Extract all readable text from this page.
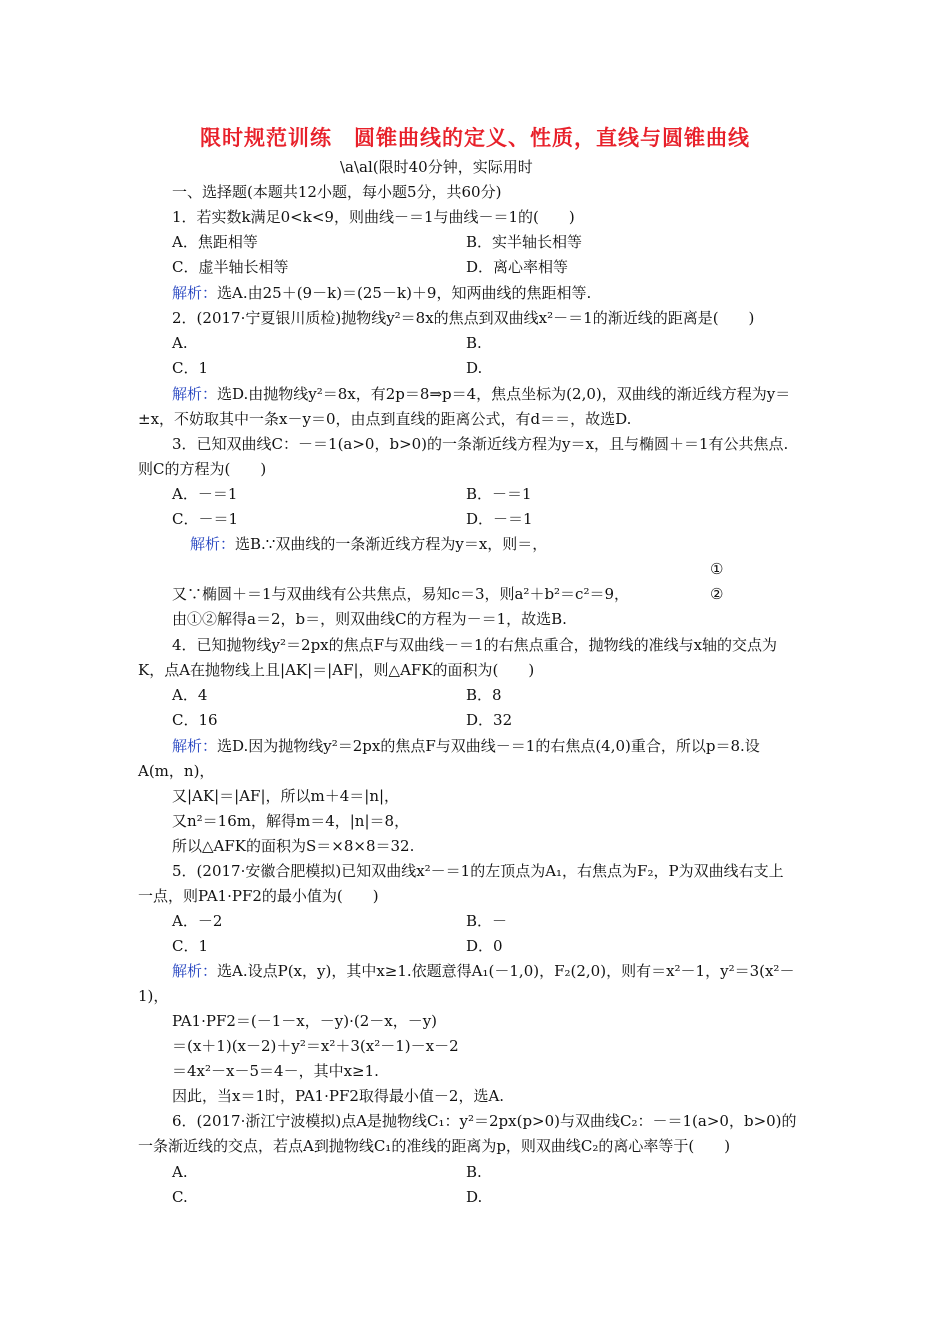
限时规范训练　圆锥曲线的定义、性质，直线与圆锥曲线
\a\al(限时40分钟，实际用时
一、选择题(本题共12小题，每小题5分，共60分)
1．若实数k满足0<k<9，则曲线－＝1与曲线－＝1的(　　)
A．焦距相等	B．实半轴长相等
C．虚半轴长相等	D．离心率相等
解析：选A.由25＋(9－k)＝(25－k)＋9，知两曲线的焦距相等.
2．(2017·宁夏银川质检)抛物线y²＝8x的焦点到双曲线x²－＝1的渐近线的距离是(　　)
A.	B.
C．1	D.
解析：选D.由抛物线y²＝8x，有2p＝8⇒p＝4，焦点坐标为(2,0)，双曲线的渐近线方程为y＝
±x，不妨取其中一条x－y＝0，由点到直线的距离公式，有d＝＝，故选D.
3．已知双曲线C：－＝1(a>0，b>0)的一条渐近线方程为y＝x，且与椭圆＋＝1有公共焦点.
则C的方程为(　　)
A．－＝1	B．－＝1
C．－＝1	D．－＝1
解析：选B.∵双曲线的一条渐近线方程为y＝x，则＝，
①
又∵椭圆＋＝1与双曲线有公共焦点，易知c＝3，则a²＋b²＝c²＝9，	②
由①②解得a＝2，b＝，则双曲线C的方程为－＝1，故选B.
4．已知抛物线y²＝2px的焦点F与双曲线－＝1的右焦点重合，抛物线的准线与x轴的交点为
K，点A在抛物线上且|AK|＝|AF|，则△AFK的面积为(　　)
A．4	B．8
C．16	D．32
解析：选D.因为抛物线y²＝2px的焦点F与双曲线－＝1的右焦点(4,0)重合，所以p＝8.设
A(m，n)，
又|AK|＝|AF|，所以m＋4＝|n|，
又n²＝16m，解得m＝4，|n|＝8，
所以△AFK的面积为S＝×8×8＝32.
5．(2017·安徽合肥模拟)已知双曲线x²－＝1的左顶点为A₁，右焦点为F₂，P为双曲线右支上
一点，则PA1·PF2的最小值为(　　)
A．－2	B．－
C．1	D．0
解析：选A.设点P(x，y)，其中x≥1.依题意得A₁(－1,0)，F₂(2,0)，则有＝x²－1，y²＝3(x²－
1)，
PA1·PF2＝(－1－x，－y)·(2－x，－y)
＝(x＋1)(x－2)＋y²＝x²＋3(x²－1)－x－2
＝4x²－x－5＝4－，其中x≥1.
因此，当x＝1时，PA1·PF2取得最小值－2，选A.
6．(2017·浙江宁波模拟)点A是抛物线C₁：y²＝2px(p>0)与双曲线C₂：－＝1(a>0，b>0)的
一条渐近线的交点，若点A到抛物线C₁的准线的距离为p，则双曲线C₂的离心率等于(　　)
A.	B.
C.	D.
